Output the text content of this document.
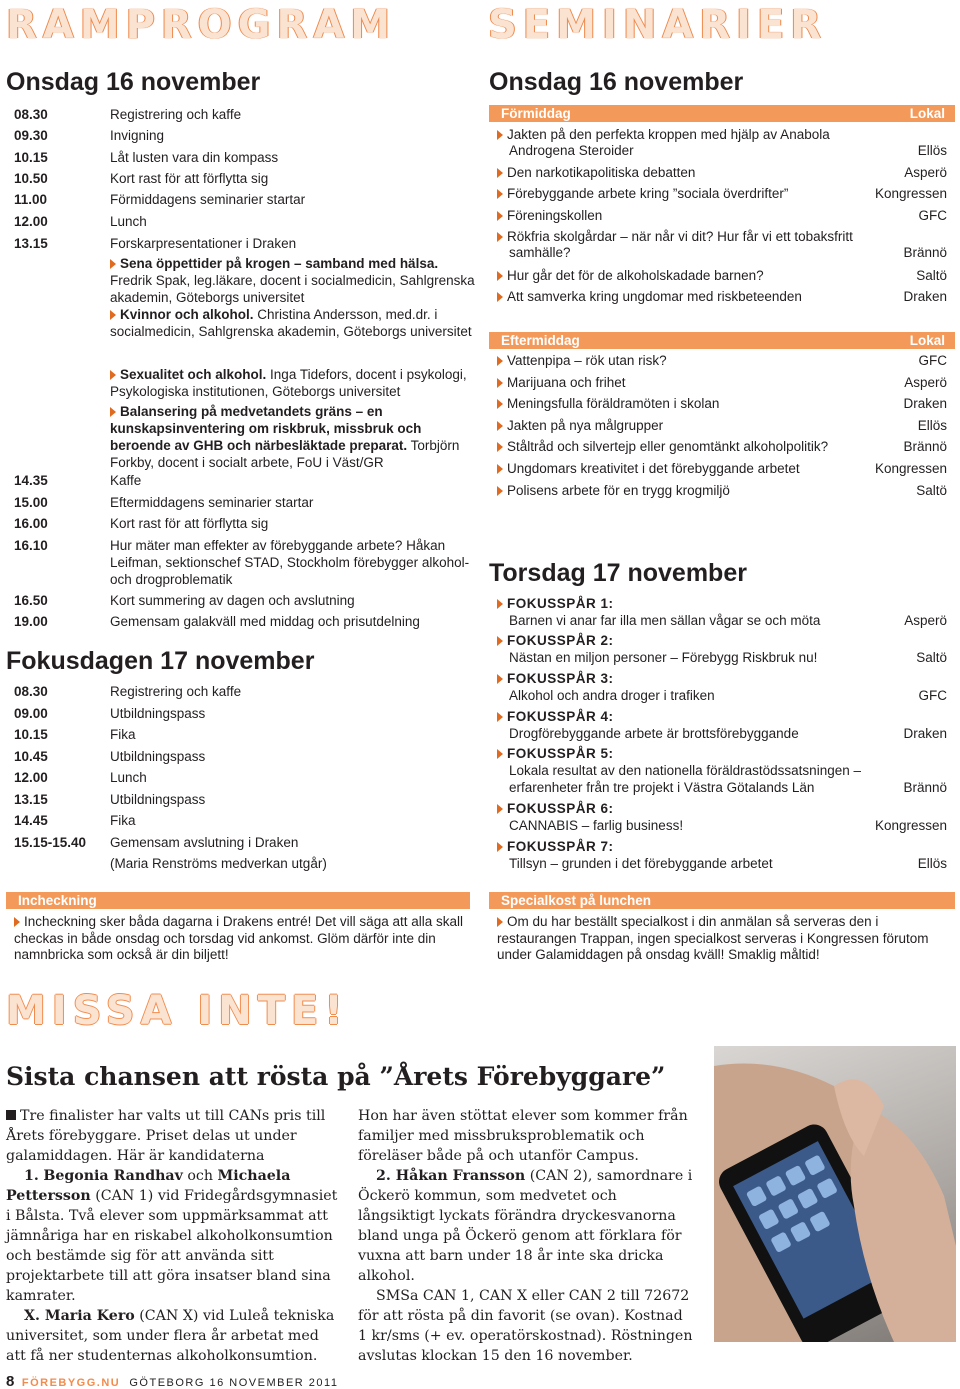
RAMPROGRAM
Onsdag 16 november
08.30	Registrering och kaffe
09.30	Invigning
10.15	Låt lusten vara din kompass
10.50	Kort rast för att förflytta sig
11.00	Förmiddagens seminarier startar
12.00	Lunch
13.15	Forskarpresentationer i Draken
Sena öppettider på krogen – samband med hälsa. Fredrik Spak, leg.läkare, docent i socialmedicin, Sahlgrenska akademin, Göteborgs universitet
Kvinnor och alkohol. Christina Andersson, med.dr. i socialmedicin, Sahlgrenska akademin, Göteborgs universitet
Sexualitet och alkohol. Inga Tidefors, docent i psykologi, Psykologiska institutionen, Göteborgs universitet
Balansering på medvetandets gräns – en kunskapsinventering om riskbruk, missbruk och beroende av GHB och närbesläktade preparat. Torbjörn Forkby, docent i socialt arbete, FoU i Väst/GR
14.35	Kaffe
15.00	Eftermiddagens seminarier startar
16.00	Kort rast för att förflytta sig
16.10	Hur mäter man effekter av förebyggande arbete? Håkan Leifman, sektionschef STAD, Stockholm förebygger alkohol- och drogproblematik
16.50	Kort summering av dagen och avslutning
19.00	Gemensam galakväll med middag och prisutdelning
Fokusdagen 17 november
08.30	Registrering och kaffe
09.00	Utbildningspass
10.15	Fika
10.45	Utbildningspass
12.00	Lunch
13.15	Utbildningspass
14.45	Fika
15.15-15.40 Gemensam avslutning i Draken
(Maria Renströms medverkan utgår)
Incheckning
Incheckning sker båda dagarna i Drakens entré! Det vill säga att alla skall checkas in både onsdag och torsdag vid ankomst. Glöm därför inte din namnbricka som också är din biljett!
SEMINARIER
Onsdag 16 november
Förmiddag	Lokal
Jakten på den perfekta kroppen med hjälp av Anabola Androgena Steroider	Ellös
Den narkotikapolitiska debatten	Asperö
Förebyggande arbete kring ”sociala överdrifter”	Kongressen
Föreningskollen	GFC
Rökfria skolgårdar – när når vi dit? Hur får vi ett tobaksfritt samhälle?	Brännö
Hur går det för de alkoholskadade barnen?	Saltö
Att samverka kring ungdomar med riskbeteenden	Draken
Eftermiddag	Lokal
Vattenpipa – rök utan risk?	GFC
Marijuana och frihet	Asperö
Meningsfulla föräldramöten i skolan	Draken
Jakten på nya målgrupper	Ellös
Ståltråd och silvertejp eller genomtänkt alkoholpolitik?	Brännö
Ungdomars kreativitet i det förebyggande arbetet	Kongressen
Polisens arbete för en trygg krogmiljö	Saltö
Torsdag 17 november
FOKUSSPÅR 1:
Barnen vi anar far illa men sällan vågar se och möta	Asperö
FOKUSSPÅR 2:
Nästan en miljon personer – Förebygg Riskbruk nu!	Saltö
FOKUSSPÅR 3:
Alkohol och andra droger i trafiken	GFC
FOKUSSPÅR 4:
Drogförebyggande arbete är brottsförebyggande	Draken
FOKUSSPÅR 5:
Lokala resultat av den nationella föräldrastödssatsningen – erfarenheter från tre projekt i Västra Götalands Län	Brännö
FOKUSSPÅR 6:
CANNABIS – farlig business!	Kongressen
FOKUSSPÅR 7:
Tillsyn – grunden i det förebyggande arbetet	Ellös
Specialkost på lunchen
Om du har beställt specialkost i din anmälan så serveras den i restaurangen Trappan, ingen specialkost serveras i Kongressen förutom under Galamiddagen på onsdag kväll! Smaklig måltid!
MISSA INTE!
Sista chansen att rösta på ”Årets Förebyggare”

Tre finalister har valts ut till CANs pris till Årets förebyggare. Priset delas ut under galamiddagen. Här är kandidaterna

1. Begonia Randhav och Michaela Pettersson (CAN 1) vid Fridegårdsgymnasiet i Bålsta. Två elever som uppmärksammat att jämnåriga har en riskabel alkoholkonsumtion och bestämde sig för att använda sitt projektarbete till att göra insatser bland sina kamrater.

X. Maria Kero (CAN X) vid Luleå tekniska universitet, som under flera år arbetat med att få ner studenternas alkoholkonsumtion.

Hon har även stöttat elever som kommer från familjer med missbruksproblematik och föreläser både på och utanför Campus.

2. Håkan Fransson (CAN 2), samordnare i Öckerö kommun, som medvetet och långsiktigt lyckats förändra dryckesvanorna bland unga på Öckerö genom att förklara för vuxna att barn under 18 år inte ska dricka alkohol.

SMSa CAN 1, CAN X eller CAN 2 till 72672 för att rösta på din favorit (se ovan). Kostnad 1 kr/sms (+ ev. operatörskostnad). Röstningen avslutas klockan 15 den 16 november.

8 FÖREBYGG.NU GÖTEBORG 16 NOVEMBER 2011
